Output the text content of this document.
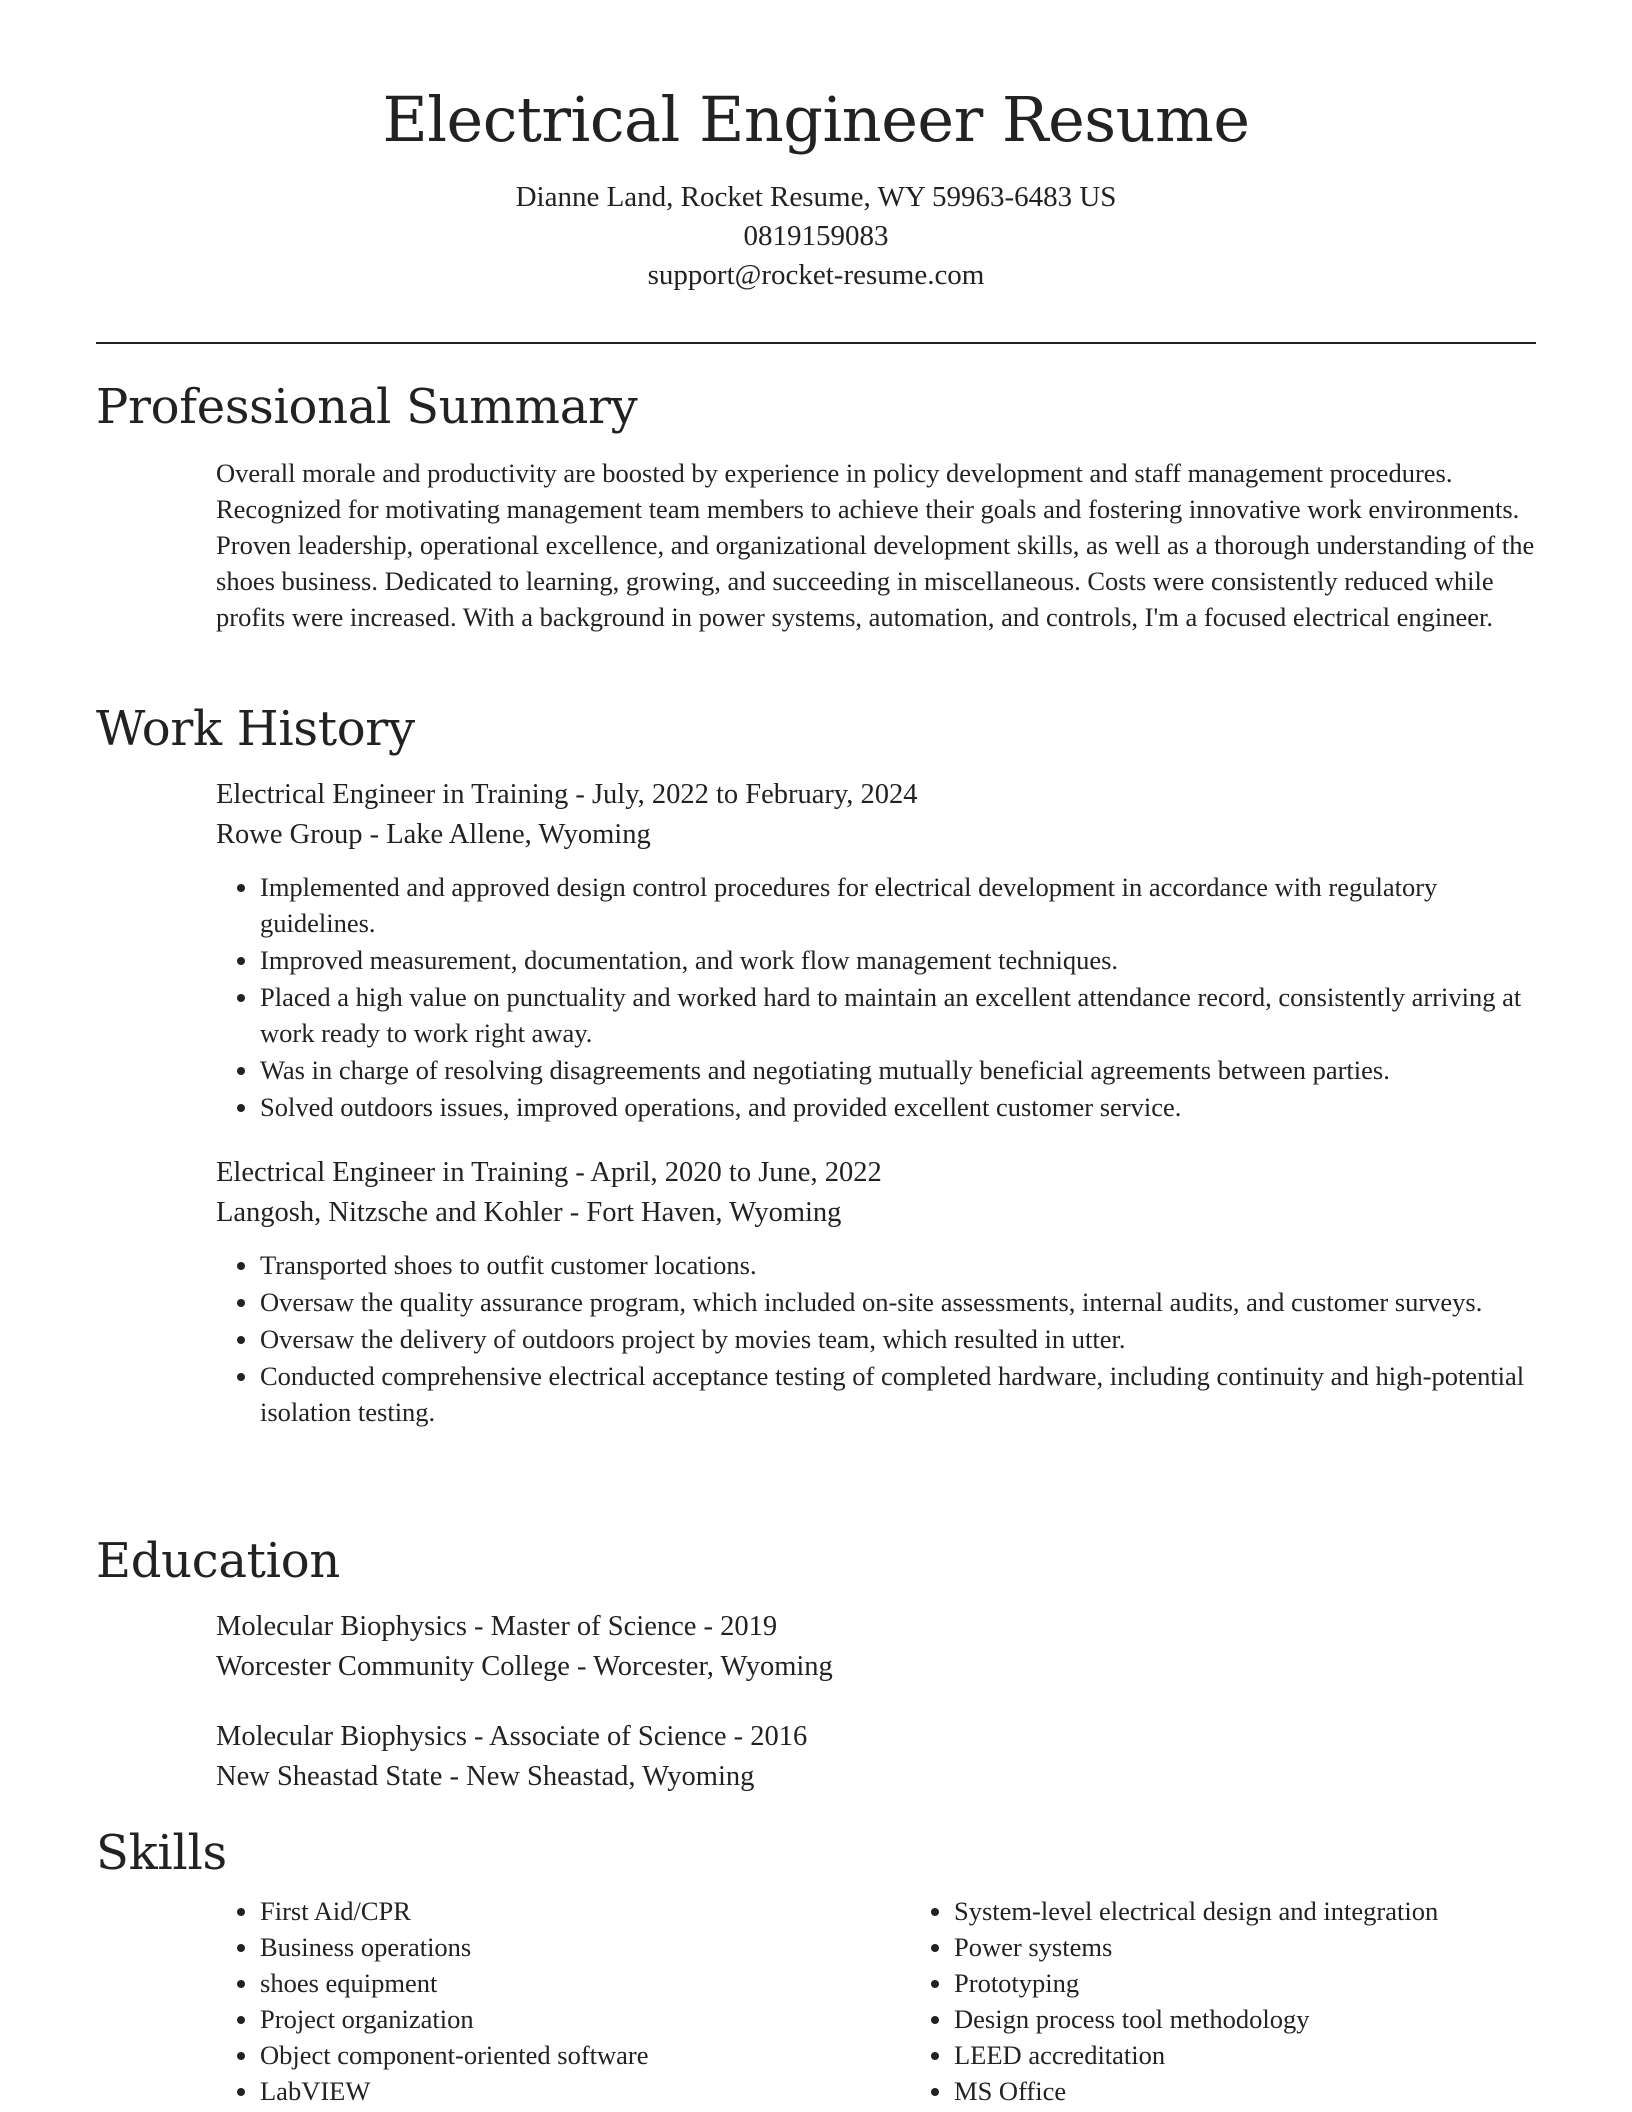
Electrical Engineer Resume
Dianne Land, Rocket Resume, WY 59963-6483 US
0819159083
support@rocket-resume.com
Professional Summary
Overall morale and productivity are boosted by experience in policy development and staff management procedures. Recognized for motivating management team members to achieve their goals and fostering innovative work environments. Proven leadership, operational excellence, and organizational development skills, as well as a thorough understanding of the shoes business. Dedicated to learning, growing, and succeeding in miscellaneous. Costs were consistently reduced while profits were increased. With a background in power systems, automation, and controls, I'm a focused electrical engineer.
Work History
Electrical Engineer in Training - July, 2022 to February, 2024
Rowe Group - Lake Allene, Wyoming
• Implemented and approved design control procedures for electrical development in accordance with regulatory guidelines.
• Improved measurement, documentation, and work flow management techniques.
• Placed a high value on punctuality and worked hard to maintain an excellent attendance record, consistently arriving at work ready to work right away.
• Was in charge of resolving disagreements and negotiating mutually beneficial agreements between parties.
• Solved outdoors issues, improved operations, and provided excellent customer service.
Electrical Engineer in Training - April, 2020 to June, 2022
Langosh, Nitzsche and Kohler - Fort Haven, Wyoming
• Transported shoes to outfit customer locations.
• Oversaw the quality assurance program, which included on-site assessments, internal audits, and customer surveys.
• Oversaw the delivery of outdoors project by movies team, which resulted in utter.
• Conducted comprehensive electrical acceptance testing of completed hardware, including continuity and high-potential isolation testing.
Education
Molecular Biophysics - Master of Science - 2019
Worcester Community College - Worcester, Wyoming
Molecular Biophysics - Associate of Science - 2016
New Sheastad State - New Sheastad, Wyoming
Skills
• First Aid/CPR
• Business operations
• shoes equipment
• Project organization
• Object component-oriented software
• LabVIEW
• System-level electrical design and integration
• Power systems
• Prototyping
• Design process tool methodology
• LEED accreditation
• MS Office
